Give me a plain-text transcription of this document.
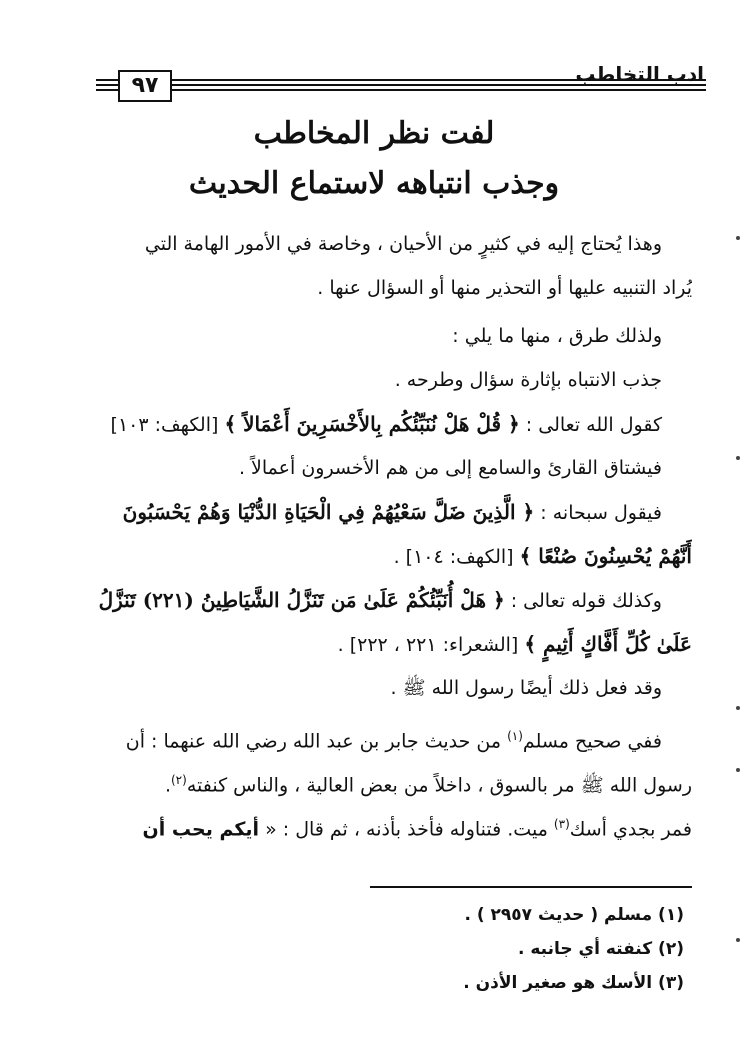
٩٧	ادب التخاطب
لفت نظر المخاطب
وجذب انتباهه لاستماع الحديث
وهذا يُحتاج إليه في كثيرٍ من الأحيان ، وخاصة في الأمور الهامة التي
يُراد التنبيه عليها أو التحذير منها أو السؤال عنها .
ولذلك طرق ، منها ما يلي :
جذب الانتباه بإثارة سؤال وطرحه .
كقول الله تعالى : ﴿ قُلْ هَلْ نُنَبِّئُكُم بِالأَخْسَرِينَ أَعْمَالاً ﴾ [الكهف: ١٠٣]
فيشتاق القارئ والسامع إلى من هم الأخسرون أعمالاً .
فيقول سبحانه : ﴿ الَّذِينَ ضَلَّ سَعْيُهُمْ فِي الْحَيَاةِ الدُّنْيَا وَهُمْ يَحْسَبُونَ
أَنَّهُمْ يُحْسِنُونَ صُنْعًا ﴾ [الكهف: ١٠٤] .
وكذلك قوله تعالى : ﴿ هَلْ أُنَبِّئُكُمْ عَلَىٰ مَن تَنَزَّلُ الشَّيَاطِينُ (٢٢١) تَنَزَّلُ
عَلَىٰ كُلِّ أَفَّاكٍ أَثِيمٍ ﴾ [الشعراء: ٢٢١ ، ٢٢٢] .
وقد فعل ذلك أيضًا رسول الله ﷺ .
ففي صحيح مسلم$^{(١)}$ من حديث جابر بن عبد الله رضي الله عنهما : أن
رسول الله ﷺ مر بالسوق ، داخلاً من بعض العالية ، والناس كنفته$^{(٢)}$.
فمر بجدي أسك$^{(٣)}$ ميت. فتناوله فأخذ بأذنه ، ثم قال : « أيكم يحب أن
(١) مسلم ( حديث ٢٩٥٧ ) .
(٢) كنفته أي جانبه .
(٣) الأسك هو صغير الأذن .
